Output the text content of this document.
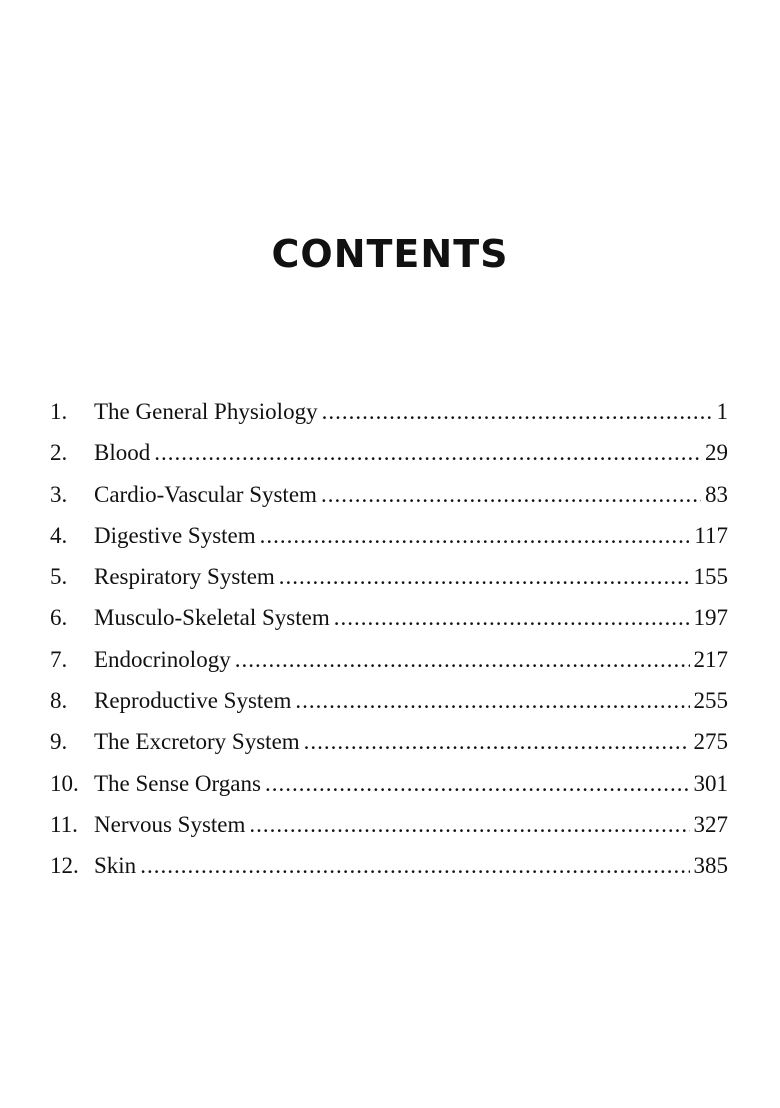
CONTENTS
1.	The General Physiology .....	1
2.	Blood .....	29
3.	Cardio-Vascular System .....	83
4.	Digestive System .....	117
5.	Respiratory System .....	155
6.	Musculo-Skeletal System .....	197
7.	Endocrinology .....	217
8.	Reproductive System .....	255
9.	The Excretory System .....	275
10. The Sense Organs .....	301
11. Nervous System .....	327
12. Skin .....	385
